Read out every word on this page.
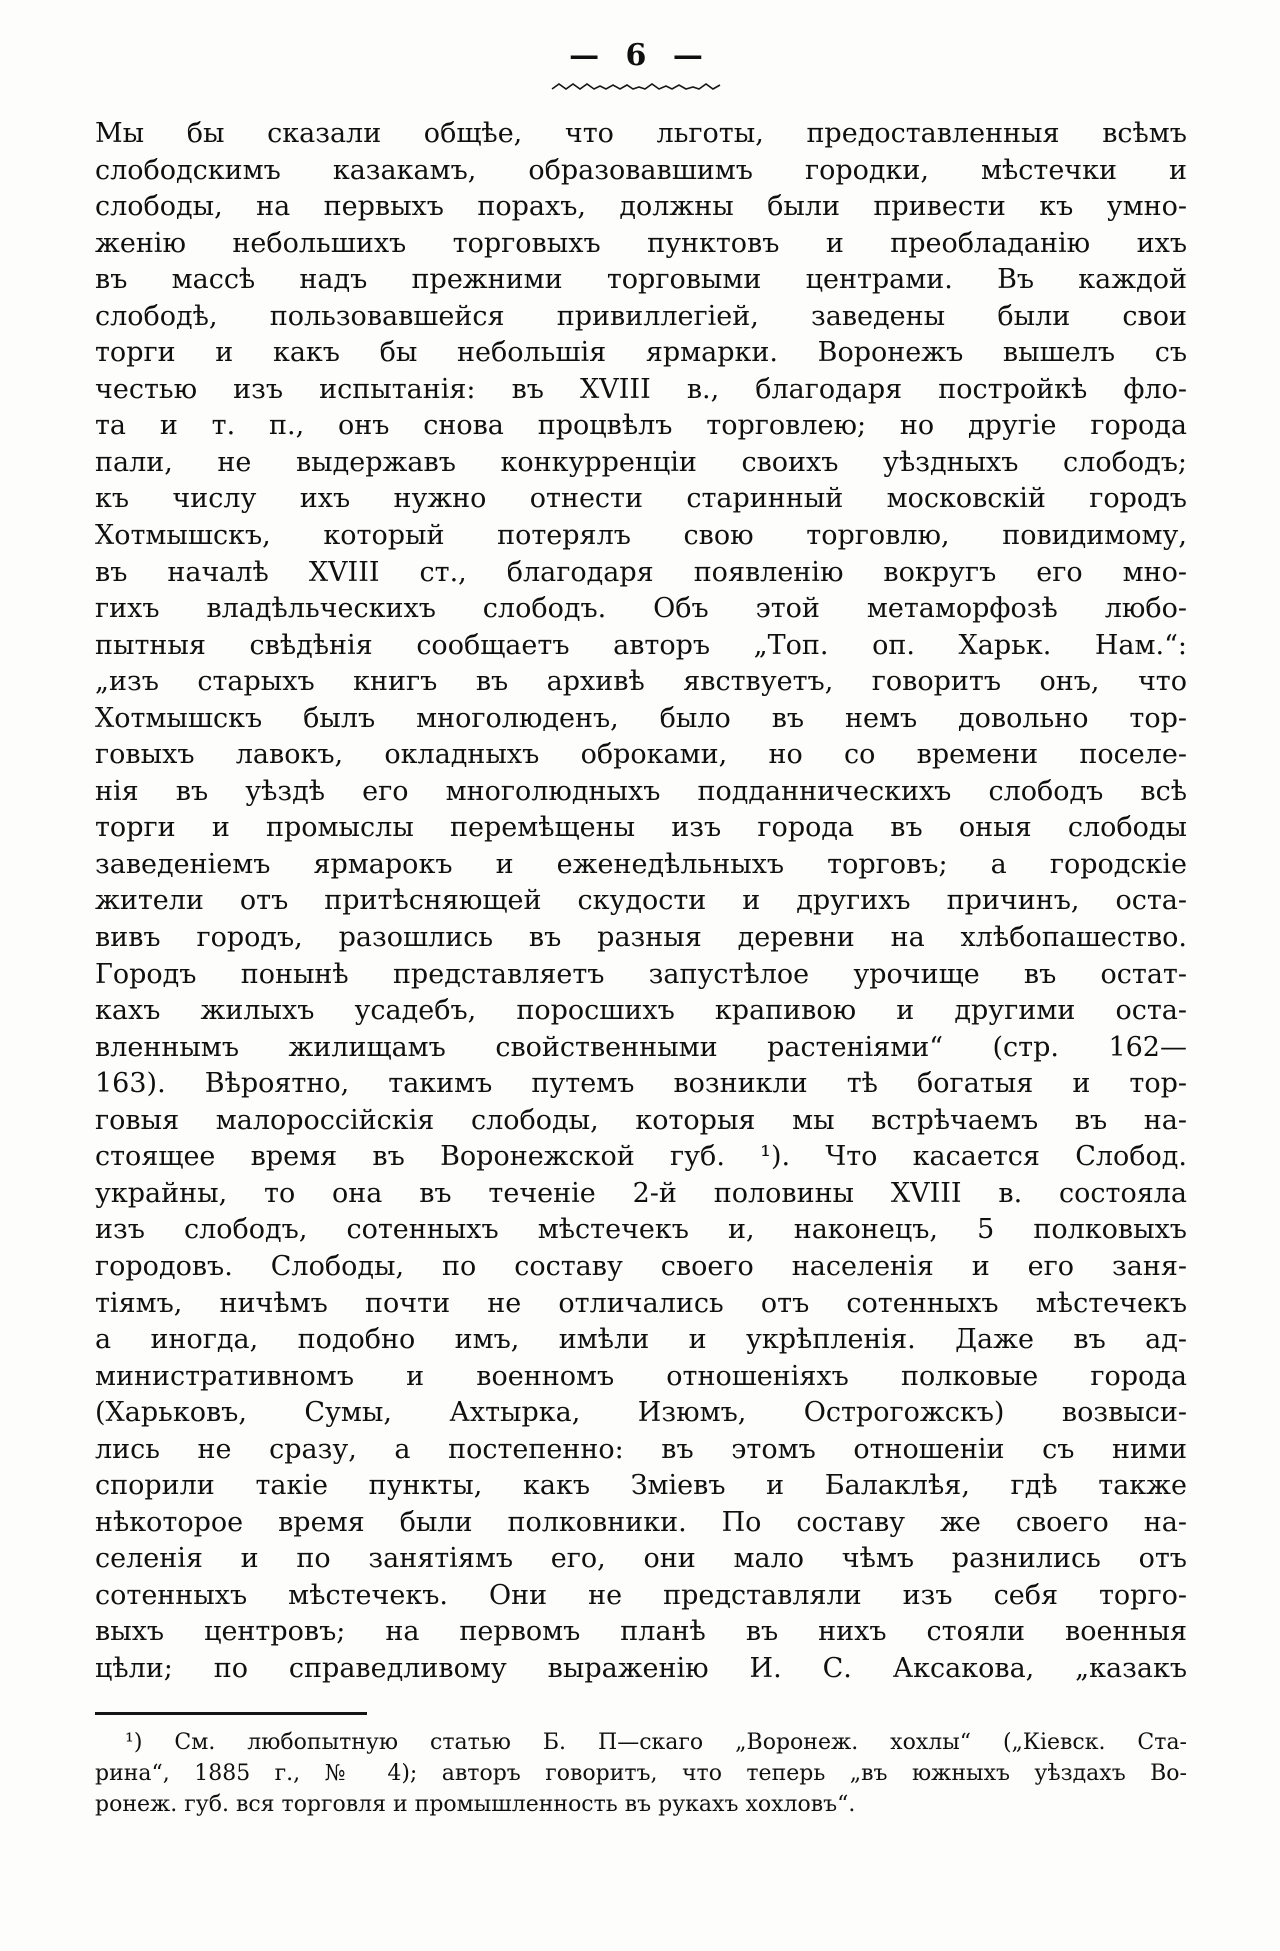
— 6 —
Мы бы сказали общѣе, что льготы, предоставленныя всѣмъ
слободскимъ казакамъ, образовавшимъ городки, мѣстечки и
слободы, на первыхъ порахъ, должны были привести къ умно-
женію небольшихъ торговыхъ пунктовъ и преобладанію ихъ
въ массѣ надъ прежними торговыми центрами. Въ каждой
слободѣ, пользовавшейся привиллегіей, заведены были свои
торги и какъ бы небольшія ярмарки. Воронежъ вышелъ съ
честью изъ испытанія: въ XVIII в., благодаря постройкѣ фло-
та и т. п., онъ снова процвѣлъ торговлею; но другіе города
пали, не выдержавъ конкурренціи своихъ уѣздныхъ слободъ;
къ числу ихъ нужно отнести старинный московскій городъ
Хотмышскъ, который потерялъ свою торговлю, повидимому,
въ началѣ XVIII ст., благодаря появленію вокругъ его мно-
гихъ владѣльческихъ слободъ. Объ этой метаморфозѣ любо-
пытныя свѣдѣнія сообщаетъ авторъ „Топ. оп. Харьк. Нам.“:
„изъ старыхъ книгъ въ архивѣ явствуетъ, говоритъ онъ, что
Хотмышскъ былъ многолюденъ, было въ немъ довольно тор-
говыхъ лавокъ, окладныхъ оброками, но со времени поселе-
нія въ уѣздѣ его многолюдныхъ подданническихъ слободъ всѣ
торги и промыслы перемѣщены изъ города въ оныя слободы
заведеніемъ ярмарокъ и еженедѣльныхъ торговъ; а городскіе
жители отъ притѣсняющей скудости и другихъ причинъ, оста-
вивъ городъ, разошлись въ разныя деревни на хлѣбопашество.
Городъ понынѣ представляетъ запустѣлое урочище въ остат-
кахъ жилыхъ усадебъ, поросшихъ крапивою и другими оста-
вленнымъ жилищамъ свойственными растеніями“ (стр. 162—
163). Вѣроятно, такимъ путемъ возникли тѣ богатыя и тор-
говыя малороссійскія слободы, которыя мы встрѣчаемъ въ на-
стоящее время въ Воронежской губ. ¹). Что касается Слобод.
украйны, то она въ теченіе 2-й половины XVIII в. состояла
изъ слободъ, сотенныхъ мѣстечекъ и, наконецъ, 5 полковыхъ
городовъ. Слободы, по составу своего населенія и его заня-
тіямъ, ничѣмъ почти не отличались отъ сотенныхъ мѣстечекъ
а иногда, подобно имъ, имѣли и укрѣпленія. Даже въ ад-
министративномъ и военномъ отношеніяхъ полковые города
(Харьковъ, Сумы, Ахтырка, Изюмъ, Острогожскъ) возвыси-
лись не сразу, а постепенно: въ этомъ отношеніи съ ними
спорили такіе пункты, какъ Зміевъ и Балаклѣя, гдѣ также
нѣкоторое время были полковники. По составу же своего на-
селенія и по занятіямъ его, они мало чѣмъ разнились отъ
сотенныхъ мѣстечекъ. Они не представляли изъ себя торго-
выхъ центровъ; на первомъ планѣ въ нихъ стояли военныя
цѣли; по справедливому выраженію И. С. Аксакова, „казакъ
¹) См. любопытную статью Б. П—скаго „Воронеж. хохлы“ („Кіевск. Ста-
рина“, 1885 г., № 4); авторъ говоритъ, что теперь „въ южныхъ уѣздахъ Во-
ронеж. губ. вся торговля и промышленность въ рукахъ хохловъ“.
